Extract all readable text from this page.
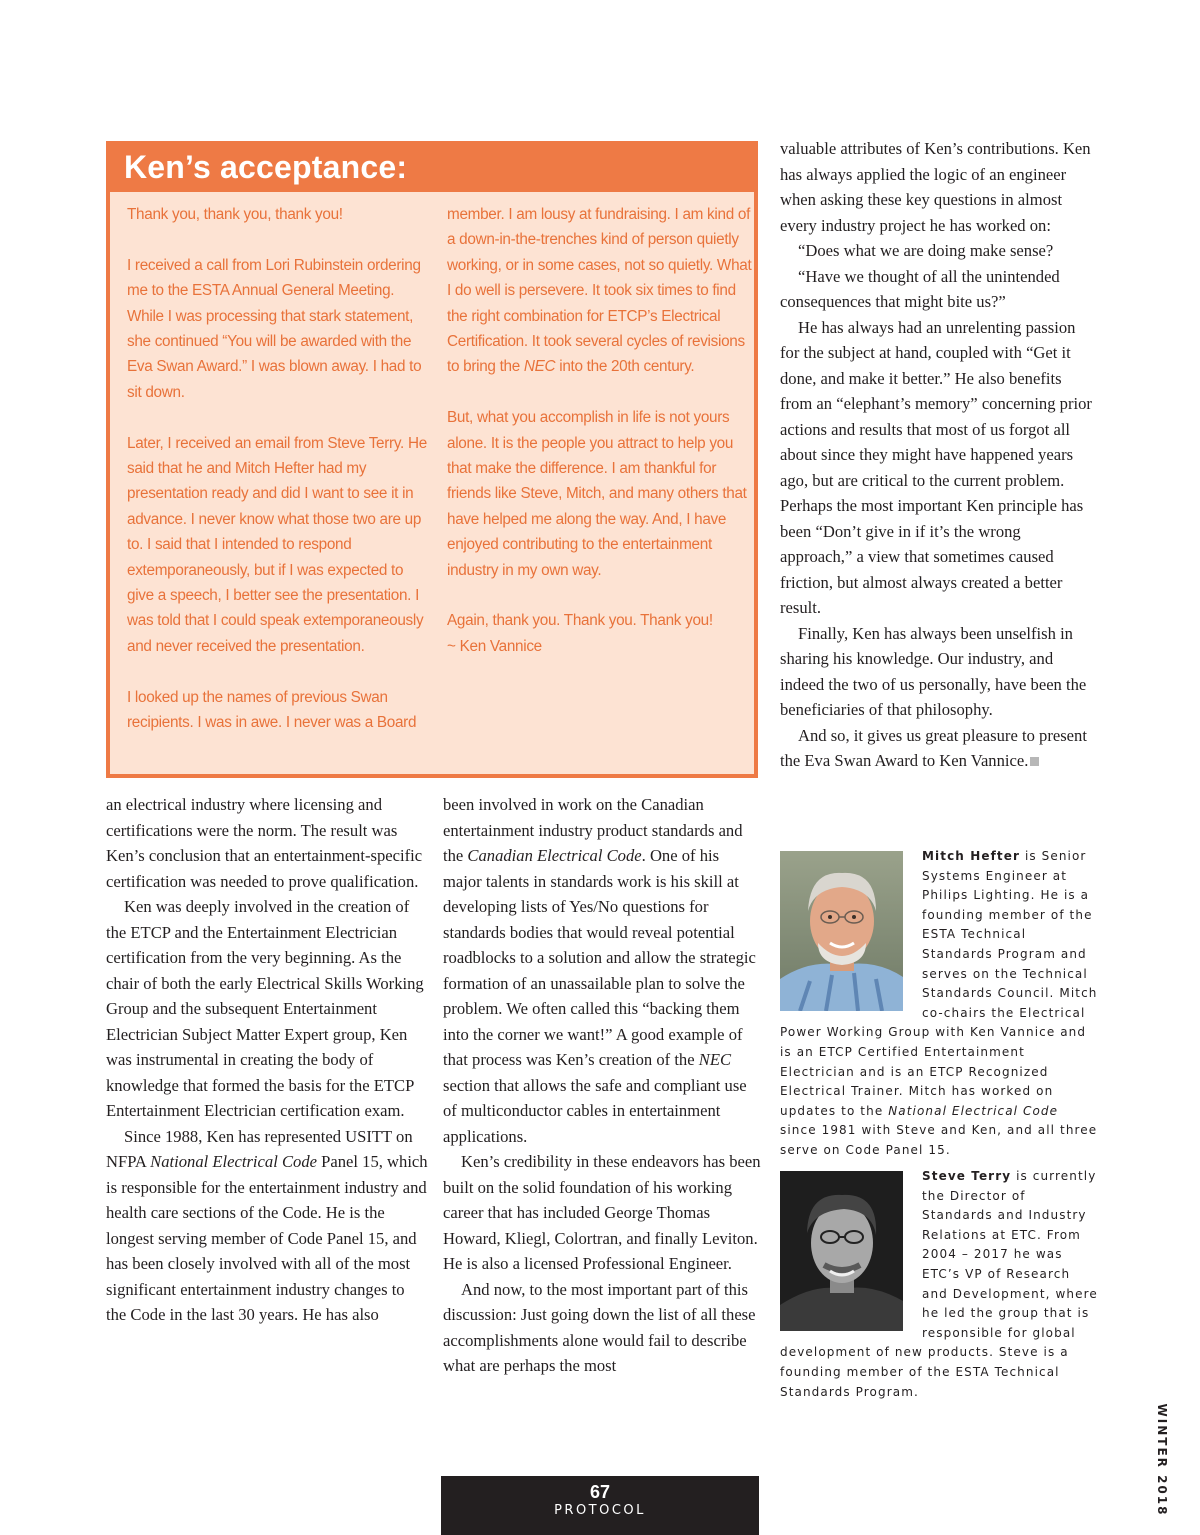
Ken’s acceptance:

Thank you, thank you, thank you!

I received a call from Lori Rubinstein ordering me to the ESTA Annual General Meeting. While I was processing that stark statement, she continued “You will be awarded with the Eva Swan Award.” I was blown away. I had to sit down.

Later, I received an email from Steve Terry. He said that he and Mitch Hefter had my presentation ready and did I want to see it in advance. I never know what those two are up to. I said that I intended to respond extemporaneously, but if I was expected to give a speech, I better see the presentation. I was told that I could speak extemporaneously and never received the presentation.

I looked up the names of previous Swan recipients. I was in awe. I never was a Board

member. I am lousy at fundraising. I am kind of a down-in-the-trenches kind of person quietly working, or in some cases, not so quietly. What I do well is persevere. It took six times to find the right combination for ETCP’s Electrical Certification. It took several cycles of revisions to bring the NEC into the 20th century.

But, what you accomplish in life is not yours alone. It is the people you attract to help you that make the difference. I am thankful for friends like Steve, Mitch, and many others that have helped me along the way. And, I have enjoyed contributing to the entertainment industry in my own way.

Again, thank you. Thank you. Thank you!
~ Ken Vannice

an electrical industry where licensing and certifications were the norm. The result was Ken’s conclusion that an entertainment-specific certification was needed to prove qualification.

Ken was deeply involved in the creation of the ETCP and the Entertainment Electrician certification from the very beginning. As the chair of both the early Electrical Skills Working Group and the subsequent Entertainment Electrician Subject Matter Expert group, Ken was instrumental in creating the body of knowledge that formed the basis for the ETCP Entertainment Electrician certification exam.

Since 1988, Ken has represented USITT on NFPA National Electrical Code Panel 15, which is responsible for the entertainment industry and health care sections of the Code. He is the longest serving member of Code Panel 15, and has been closely involved with all of the most significant entertainment industry changes to the Code in the last 30 years. He has also

been involved in work on the Canadian entertainment industry product standards and the Canadian Electrical Code. One of his major talents in standards work is his skill at developing lists of Yes/No questions for standards bodies that would reveal potential roadblocks to a solution and allow the strategic formation of an unassailable plan to solve the problem. We often called this “backing them into the corner we want!” A good example of that process was Ken’s creation of the NEC section that allows the safe and compliant use of multiconductor cables in entertainment applications.

Ken’s credibility in these endeavors has been built on the solid foundation of his working career that has included George Thomas Howard, Kliegl, Colortran, and finally Leviton. He is also a licensed Professional Engineer.

And now, to the most important part of this discussion: Just going down the list of all these accomplishments alone would fail to describe what are perhaps the most

valuable attributes of Ken’s contributions. Ken has always applied the logic of an engineer when asking these key questions in almost every industry project he has worked on:

“Does what we are doing make sense?

“Have we thought of all the unintended consequences that might bite us?”

He has always had an unrelenting passion for the subject at hand, coupled with “Get it done, and make it better.” He also benefits from an “elephant’s memory” concerning prior actions and results that most of us forgot all about since they might have happened years ago, but are critical to the current problem. Perhaps the most important Ken principle has been “Don’t give in if it’s the wrong approach,” a view that sometimes caused friction, but almost always created a better result.

Finally, Ken has always been unselfish in sharing his knowledge. Our industry, and indeed the two of us personally, have been the beneficiaries of that philosophy.

And so, it gives us great pleasure to present the Eva Swan Award to Ken Vannice.

Mitch Hefter is Senior Systems Engineer at Philips Lighting. He is a founding member of the ESTA Technical Standards Program and serves on the Technical Standards Council. Mitch co-chairs the Electrical Power Working Group with Ken Vannice and is an ETCP Certified Entertainment Electrician and is an ETCP Recognized Electrical Trainer. Mitch has worked on updates to the National Electrical Code since 1981 with Steve and Ken, and all three serve on Code Panel 15.
Steve Terry is currently the Director of Standards and Industry Relations at ETC. From 2004 – 2017 he was ETC’s VP of Research and Development, where he led the group that is responsible for global development of new products. Steve is a founding member of the ESTA Technical Standards Program.
67
PROTOCOL	WINTER 2018
